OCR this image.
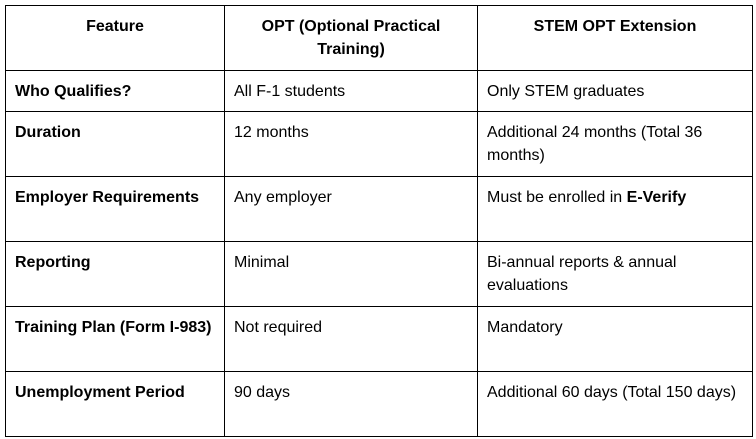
Feature	OPT (Optional Practical Training)	STEM OPT Extension
Who Qualifies?	All F-1 students	Only STEM graduates
Duration	12 months	Additional 24 months (Total 36 months)
Employer Requirements	Any employer	Must be enrolled in E-Verify
Reporting	Minimal	Bi-annual reports & annual evaluations
Training Plan (Form I-983)	Not required	Mandatory
Unemployment Period	90 days	Additional 60 days (Total 150 days)
